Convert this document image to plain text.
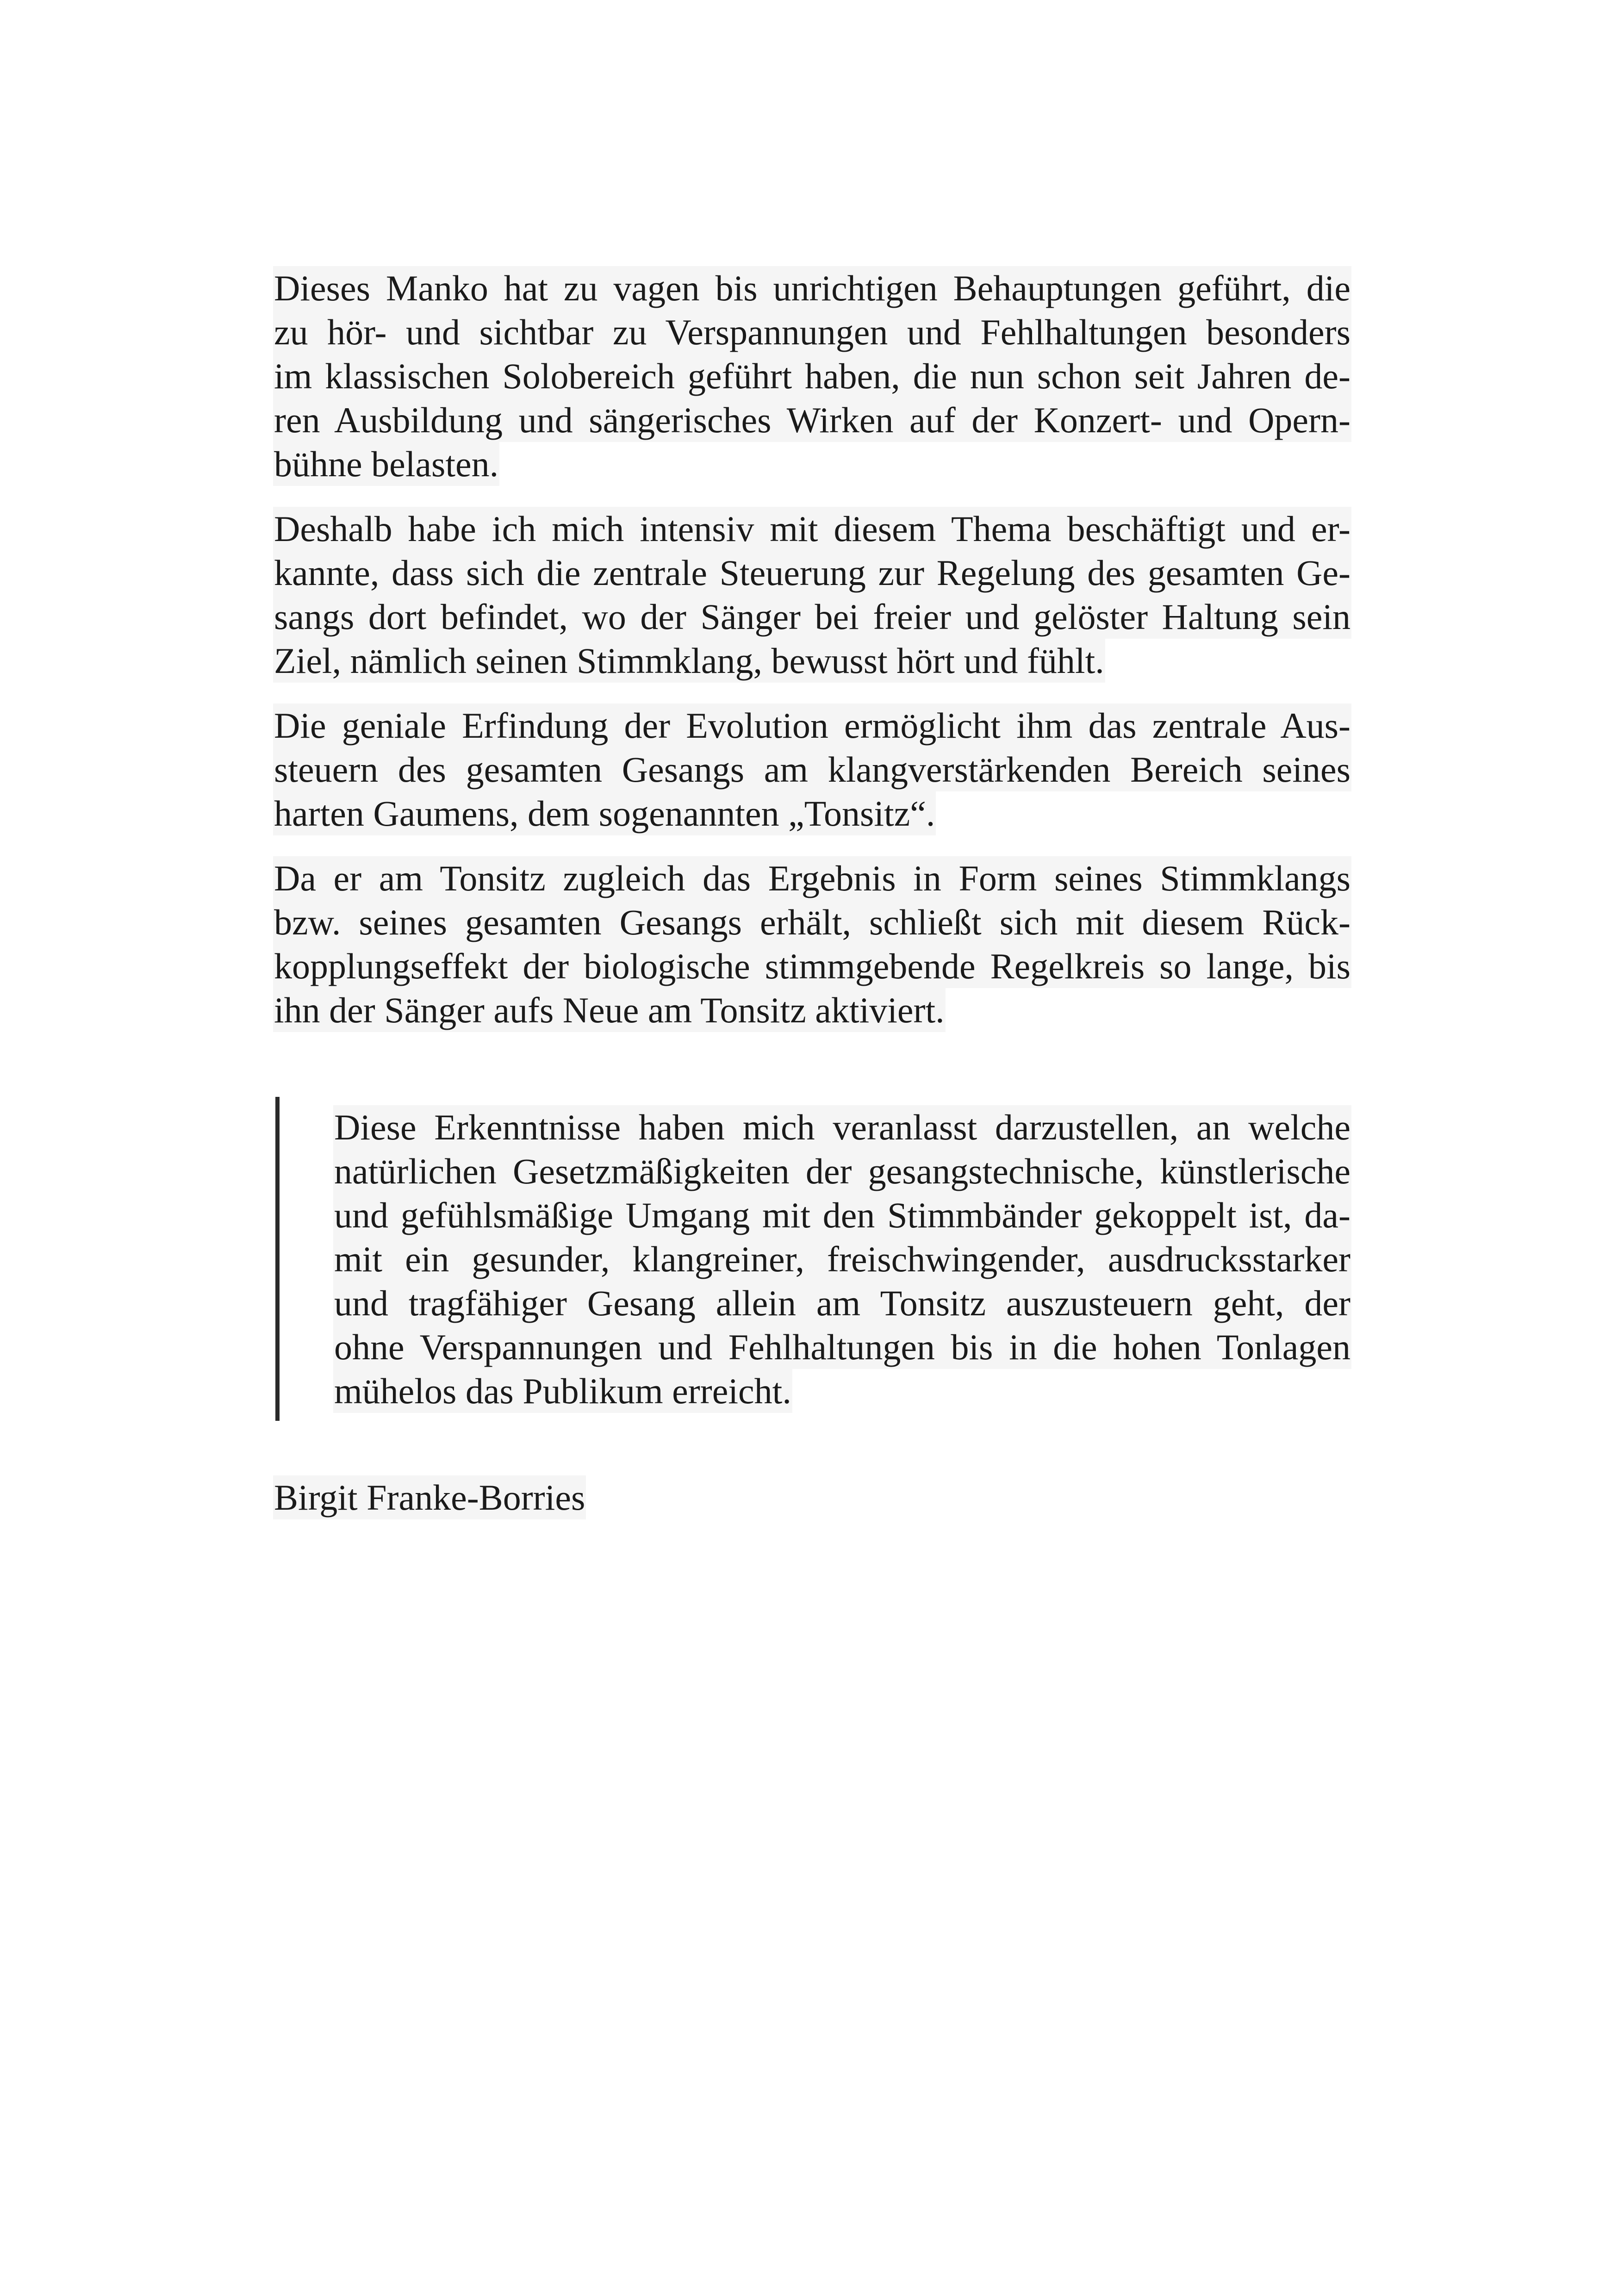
Dieses Manko hat zu vagen bis unrichtigen Behauptungen geführt, die
zu hör- und sichtbar zu Verspannungen und Fehlhaltungen besonders
im klassischen Solobereich geführt haben, die nun schon seit Jahren de-
ren Ausbildung und sängerisches Wirken auf der Konzert- und Opern-
bühne belasten.
Deshalb habe ich mich intensiv mit diesem Thema beschäftigt und er-
kannte, dass sich die zentrale Steuerung zur Regelung des gesamten Ge-
sangs dort befindet, wo der Sänger bei freier und gelöster Haltung sein
Ziel, nämlich seinen Stimmklang, bewusst hört und fühlt.
Die geniale Erfindung der Evolution ermöglicht ihm das zentrale Aus-
steuern des gesamten Gesangs am klangverstärkenden Bereich seines
harten Gaumens, dem sogenannten „Tonsitz“.
Da er am Tonsitz zugleich das Ergebnis in Form seines Stimmklangs
bzw. seines gesamten Gesangs erhält, schließt sich mit diesem Rück-
kopplungseffekt der biologische stimmgebende Regelkreis so lange, bis
ihn der Sänger aufs Neue am Tonsitz aktiviert.
Diese Erkenntnisse haben mich veranlasst darzustellen, an welche
natürlichen Gesetzmäßigkeiten der gesangstechnische, künstlerische
und gefühlsmäßige Umgang mit den Stimmbänder gekoppelt ist, da-
mit ein gesunder, klangreiner, freischwingender, ausdrucksstarker
und tragfähiger Gesang allein am Tonsitz auszusteuern geht, der
ohne Verspannungen und Fehlhaltungen bis in die hohen Tonlagen
mühelos das Publikum erreicht.
Birgit Franke-Borries
